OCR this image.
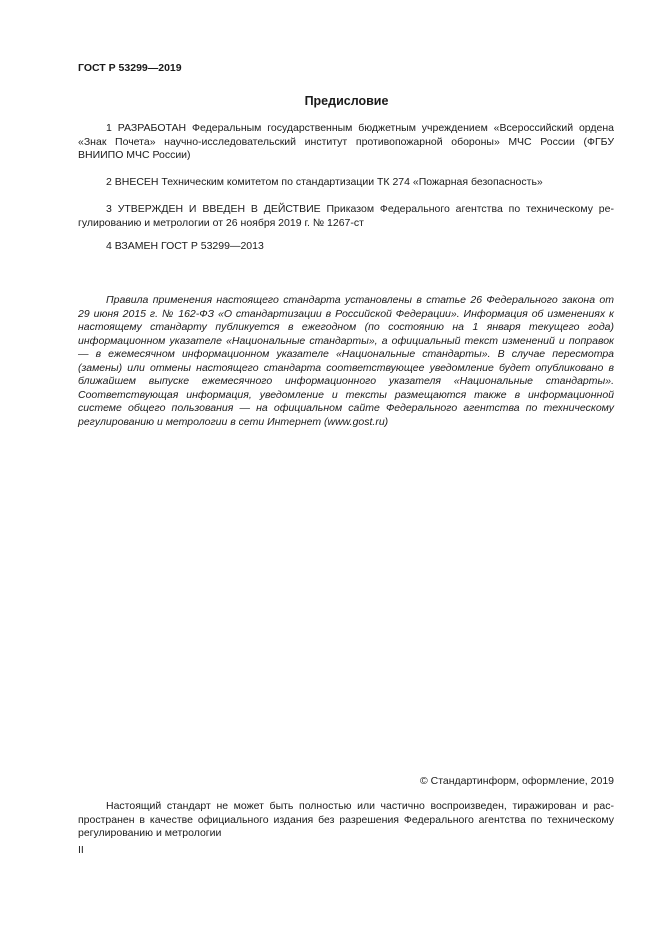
ГОСТ Р 53299—2019
Предисловие

1 РАЗРАБОТАН Федеральным государственным бюджетным учреждением «Всероссийский ордена «Знак Почета» научно-исследовательский институт противопожарной обороны» МЧС России (ФГБУ ВНИИПО МЧС России)

2 ВНЕСЕН Техническим комитетом по стандартизации ТК 274 «Пожарная безопасность»

3 УТВЕРЖДЕН И ВВЕДЕН В ДЕЙСТВИЕ Приказом Федерального агентства по техническому регулированию и метрологии от 26 ноября 2019 г. № 1267-ст

4 ВЗАМЕН ГОСТ Р 53299—2013

Правила применения настоящего стандарта установлены в статье 26 Федерального закона от 29 июня 2015 г. № 162-ФЗ «О стандартизации в Российской Федерации». Информация об изменениях к настоящему стандарту публикуется в ежегодном (по состоянию на 1 января текущего года) информационном указателе «Национальные стандарты», а официальный текст изменений и поправок — в ежемесячном информационном указателе «Национальные стандарты». В случае пересмотра (замены) или отмены настоящего стандарта соответствующее уведомление будет опубликовано в ближайшем выпуске ежемесячного информационного указателя «Национальные стандарты». Соответствующая информация, уведомление и тексты размещаются также в информационной системе общего пользования — на официальном сайте Федерального агентства по техническому регулированию и метрологии в сети Интернет (www.gost.ru)

© Стандартинформ, оформление, 2019

Настоящий стандарт не может быть полностью или частично воспроизведен, тиражирован и распространен в качестве официального издания без разрешения Федерального агентства по техническому регулированию и метрологии

II
